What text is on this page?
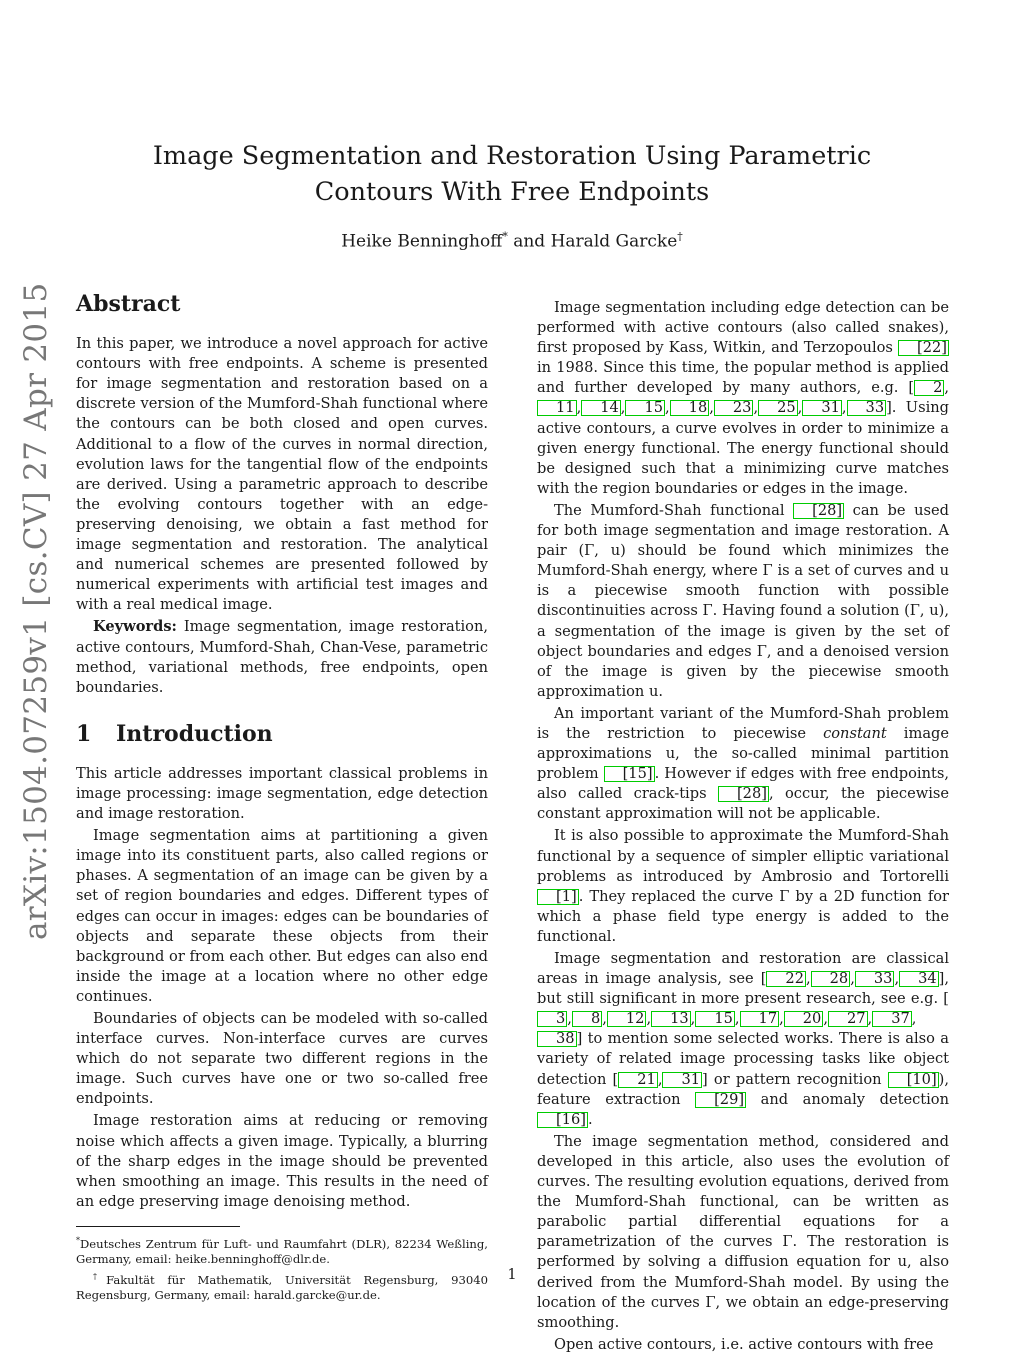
arXiv:1504.07259v1 [cs.CV] 27 Apr 2015
Image Segmentation and Restoration Using Parametric Contours With Free Endpoints
Heike Benninghoff* and Harald Garcke†
Abstract

In this paper, we introduce a novel approach for active contours with free endpoints. A scheme is presented for image segmentation and restoration based on a discrete version of the Mumford-Shah functional where the contours can be both closed and open curves. Additional to a flow of the curves in normal direction, evolution laws for the tangential flow of the endpoints are derived. Using a parametric approach to describe the evolving contours together with an edge-preserving denoising, we obtain a fast method for image segmentation and restoration. The analytical and numerical schemes are presented followed by numerical experiments with artificial test images and with a real medical image.

Keywords: Image segmentation, image restoration, active contours, Mumford-Shah, Chan-Vese, parametric method, variational methods, free endpoints, open boundaries.

1 Introduction

This article addresses important classical problems in image processing: image segmentation, edge detection and image restoration.

Image segmentation aims at partitioning a given image into its constituent parts, also called regions or phases. A segmentation of an image can be given by a set of region boundaries and edges. Different types of edges can occur in images: edges can be boundaries of objects and separate these objects from their background or from each other. But edges can also end inside the image at a location where no other edge continues.

Boundaries of objects can be modeled with so-called interface curves. Non-interface curves are curves which do not separate two different regions in the image. Such curves have one or two so-called free endpoints.

Image restoration aims at reducing or removing noise which affects a given image. Typically, a blurring of the sharp edges in the image should be prevented when smoothing an image. This results in the need of an edge preserving image denoising method.

*Deutsches Zentrum für Luft- und Raumfahrt (DLR), 82234 Weßling, Germany, email: heike.benninghoff@dlr.de.

†Fakultät für Mathematik, Universität Regensburg, 93040 Regensburg, Germany, email: harald.garcke@ur.de.

Image segmentation including edge detection can be performed with active contours (also called snakes), first proposed by Kass, Witkin, and Terzopoulos [22] in 1988. Since this time, the popular method is applied and further developed by many authors, e.g. [ 2 ,11 , 14 , 15 , 18 , 23 , 25 , 31 , 33 ]. Using active contours, a curve evolves in order to minimize a given energy functional. The energy functional should be designed such that a minimizing curve matches with the region boundaries or edges in the image.

The Mumford-Shah functional [28] can be used for both image segmentation and image restoration. A pair (Γ, u) should be found which minimizes the Mumford-Shah energy, where Γ is a set of curves and u is a piecewise smooth function with possible discontinuities across Γ. Having found a solution (Γ, u), a segmentation of the image is given by the set of object boundaries and edges Γ, and a denoised version of the image is given by the piecewise smooth approximation u.

An important variant of the Mumford-Shah problem is the restriction to piecewise constant image approximations u, the so-called minimal partition problem [15] . However if edges with free endpoints, also called crack-tips [28] , occur, the piecewise constant approximation will not be applicable.

It is also possible to approximate the Mumford-Shah functional by a sequence of simpler elliptic variational problems as introduced by Ambrosio and Tortorelli [1] . They replaced the curve Γ by a 2D function for which a phase field type energy is added to the functional.

Image segmentation and restoration are classical areas in image analysis, see [ 22 , 28 , 33 , 34 ], but still significant in more present research, see e.g. [3 , 8 , 12 , 13 , 15 , 17 , 20 , 27 , 37 ,38 ] to mention some selected works. There is also a variety of related image processing tasks like object detection [ 21 , 31 ] or pattern recognition [10] ), feature extraction [29] and anomaly detection [16] .

The image segmentation method, considered and developed in this article, also uses the evolution of curves. The resulting evolution equations, derived from the Mumford-Shah functional, can be written as parabolic partial differential equations for a parametrization of the curves Γ. The restoration is performed by solving a diffusion equation for u, also derived from the Mumford-Shah model. By using the location of the curves Γ, we obtain an edge-preserving smoothing.

Open active contours, i.e. active contours with free

1
